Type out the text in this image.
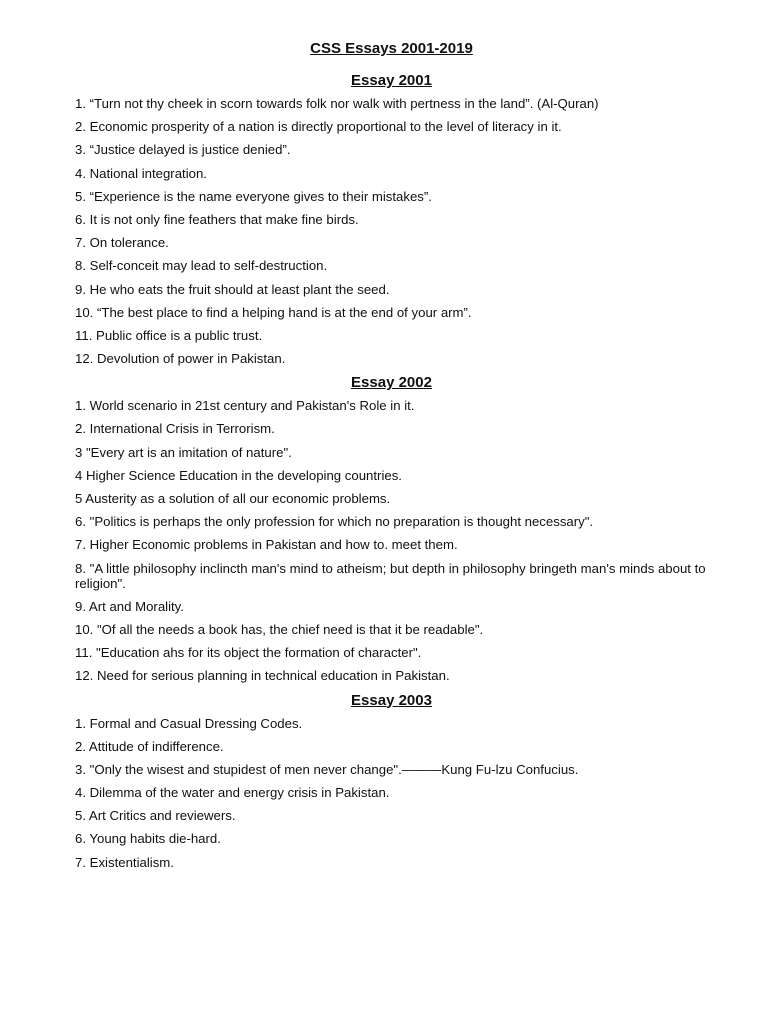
CSS Essays 2001-2019
Essay 2001
1. “Turn not thy cheek in scorn towards folk nor walk with pertness in the land”. (Al-Quran)
2. Economic prosperity of a nation is directly proportional to the level of literacy in it.
3. “Justice delayed is justice denied”.
4. National integration.
5. “Experience is the name everyone gives to their mistakes”.
6. It is not only fine feathers that make fine birds.
7. On tolerance.
8. Self-conceit may lead to self-destruction.
9. He who eats the fruit should at least plant the seed.
10. “The best place to find a helping hand is at the end of your arm”.
11. Public office is a public trust.
12. Devolution of power in Pakistan.
Essay 2002
1. World scenario in 21st century and Pakistan's Role in it.
2. International Crisis in Terrorism.
3 "Every art is an imitation of nature".
4 Higher Science Education in the developing countries.
5 Austerity as a solution of all our economic problems.
6. "Politics is perhaps the only profession for which no preparation is thought necessary".
7. Higher Economic problems in Pakistan and how to. meet them.
8. "A little philosophy inclincth man's mind to atheism; but depth in philosophy bringeth man's minds about to religion".
9. Art and Morality.
10. "Of all the needs a book has, the chief need is that it be readable".
11. "Education ahs for its object the formation of character".
12. Need for serious planning in technical education in Pakistan.
Essay 2003
1. Formal and Casual Dressing Codes.
2. Attitude of indifference.
3. "Only the wisest and stupidest of men never change".———Kung Fu-lzu Confucius.
4. Dilemma of the water and energy crisis in Pakistan.
5. Art Critics and reviewers.
6. Young habits die-hard.
7. Existentialism.
